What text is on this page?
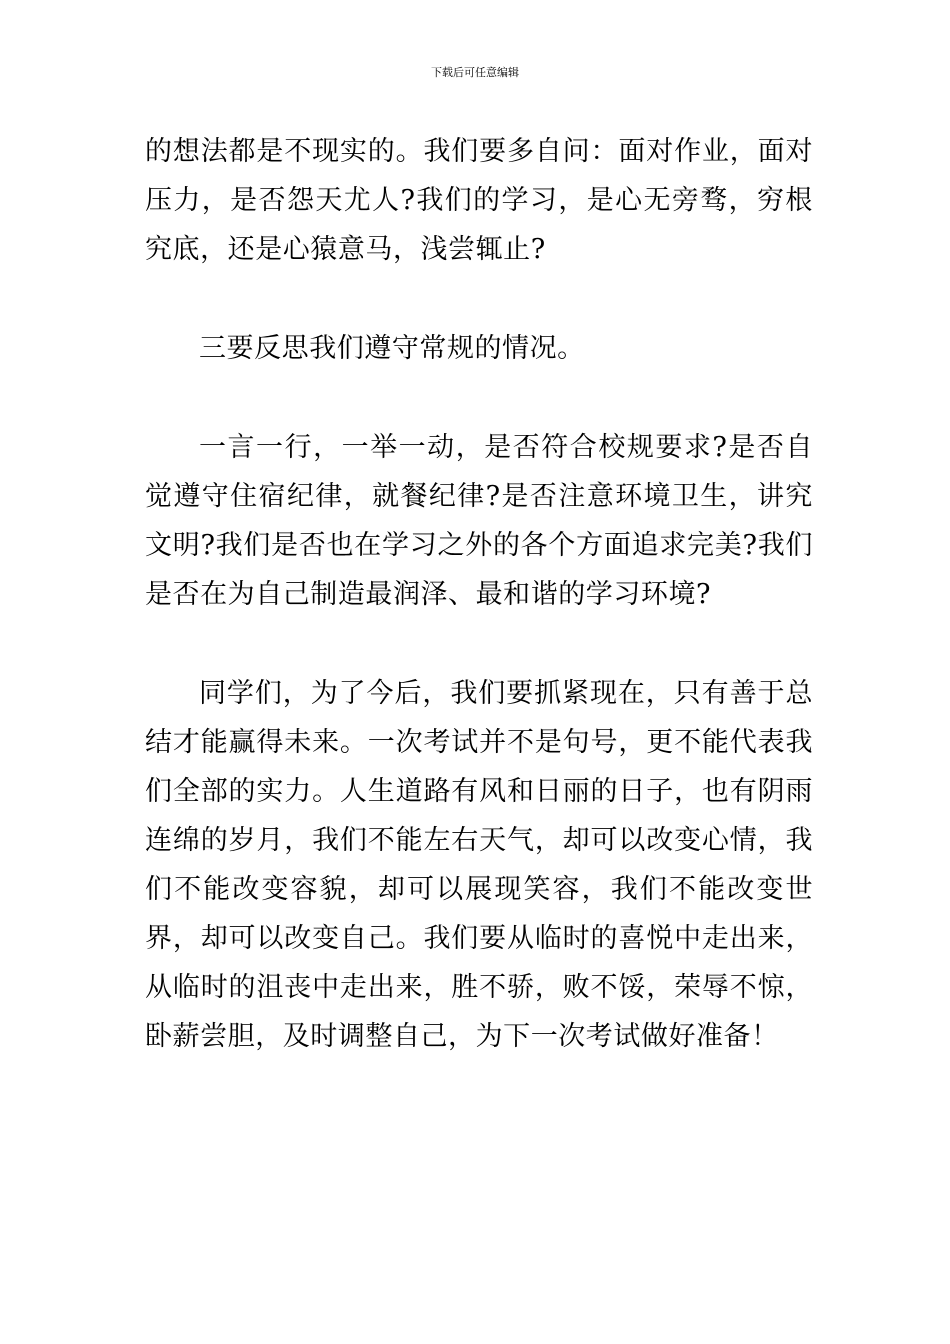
下载后可任意编辑

的想法都是不现实的。我们要多自问：面对作业，面对压力，是否怨天尤人?我们的学习，是心无旁骛，穷根究底，还是心猿意马，浅尝辄止?

三要反思我们遵守常规的情况。

一言一行，一举一动，是否符合校规要求?是否自觉遵守住宿纪律，就餐纪律?是否注意环境卫生，讲究文明?我们是否也在学习之外的各个方面追求完美?我们是否在为自己制造最润泽、最和谐的学习环境?

同学们，为了今后，我们要抓紧现在，只有善于总结才能赢得未来。一次考试并不是句号，更不能代表我们全部的实力。人生道路有风和日丽的日子，也有阴雨连绵的岁月，我们不能左右天气，却可以改变心情，我们不能改变容貌，却可以展现笑容，我们不能改变世界，却可以改变自己。我们要从临时的喜悦中走出来，从临时的沮丧中走出来，胜不骄，败不馁，荣辱不惊，卧薪尝胆，及时调整自己，为下一次考试做好准备！
